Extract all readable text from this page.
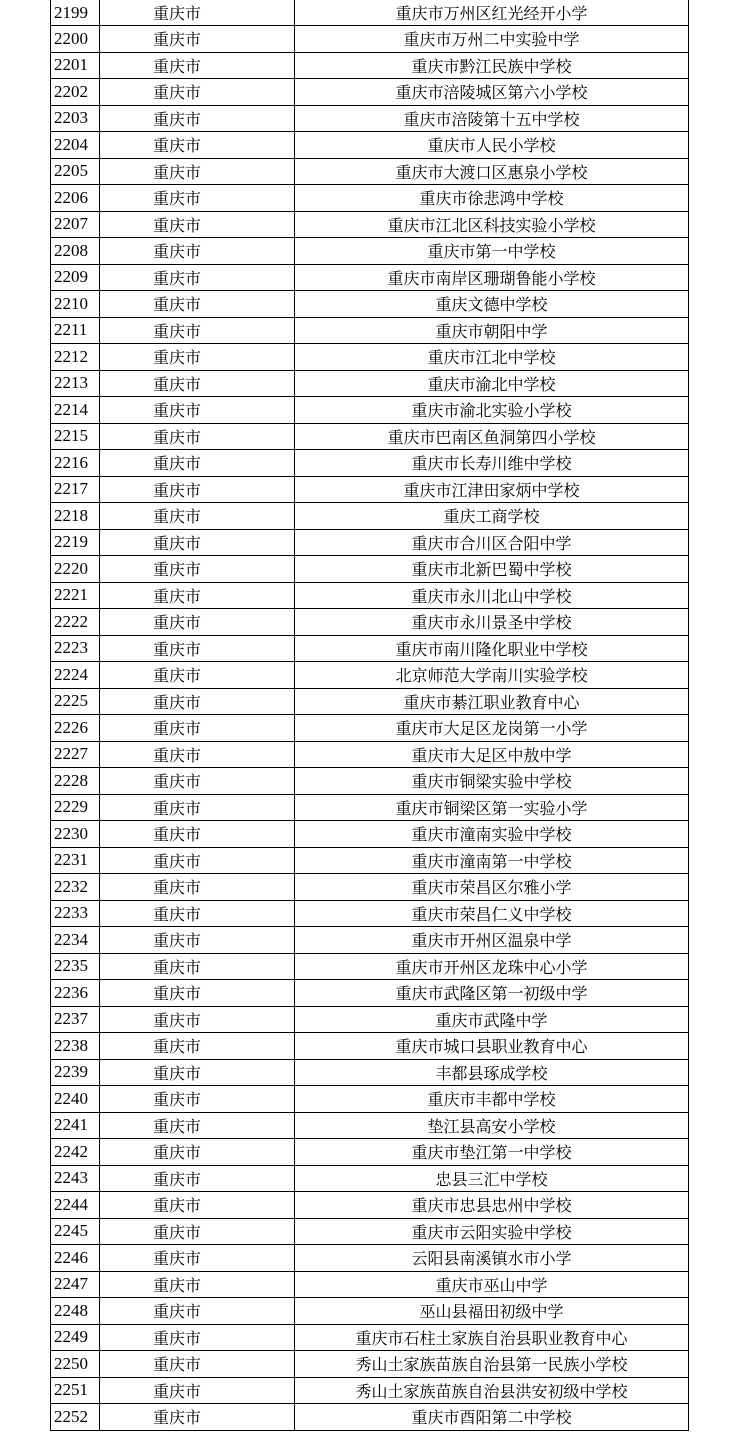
2199	重庆市	重庆市万州区红光经开小学
2200	重庆市	重庆市万州二中实验中学
2201	重庆市	重庆市黔江民族中学校
2202	重庆市	重庆市涪陵城区第六小学校
2203	重庆市	重庆市涪陵第十五中学校
2204	重庆市	重庆市人民小学校
2205	重庆市	重庆市大渡口区惠泉小学校
2206	重庆市	重庆市徐悲鸿中学校
2207	重庆市	重庆市江北区科技实验小学校
2208	重庆市	重庆市第一中学校
2209	重庆市	重庆市南岸区珊瑚鲁能小学校
2210	重庆市	重庆文德中学校
2211	重庆市	重庆市朝阳中学
2212	重庆市	重庆市江北中学校
2213	重庆市	重庆市渝北中学校
2214	重庆市	重庆市渝北实验小学校
2215	重庆市	重庆市巴南区鱼洞第四小学校
2216	重庆市	重庆市长寿川维中学校
2217	重庆市	重庆市江津田家炳中学校
2218	重庆市	重庆工商学校
2219	重庆市	重庆市合川区合阳中学
2220	重庆市	重庆市北新巴蜀中学校
2221	重庆市	重庆市永川北山中学校
2222	重庆市	重庆市永川景圣中学校
2223	重庆市	重庆市南川隆化职业中学校
2224	重庆市	北京师范大学南川实验学校
2225	重庆市	重庆市綦江职业教育中心
2226	重庆市	重庆市大足区龙岗第一小学
2227	重庆市	重庆市大足区中敖中学
2228	重庆市	重庆市铜梁实验中学校
2229	重庆市	重庆市铜梁区第一实验小学
2230	重庆市	重庆市潼南实验中学校
2231	重庆市	重庆市潼南第一中学校
2232	重庆市	重庆市荣昌区尔雅小学
2233	重庆市	重庆市荣昌仁义中学校
2234	重庆市	重庆市开州区温泉中学
2235	重庆市	重庆市开州区龙珠中心小学
2236	重庆市	重庆市武隆区第一初级中学
2237	重庆市	重庆市武隆中学
2238	重庆市	重庆市城口县职业教育中心
2239	重庆市	丰都县琢成学校
2240	重庆市	重庆市丰都中学校
2241	重庆市	垫江县高安小学校
2242	重庆市	重庆市垫江第一中学校
2243	重庆市	忠县三汇中学校
2244	重庆市	重庆市忠县忠州中学校
2245	重庆市	重庆市云阳实验中学校
2246	重庆市	云阳县南溪镇水市小学
2247	重庆市	重庆市巫山中学
2248	重庆市	巫山县福田初级中学
2249	重庆市	重庆市石柱土家族自治县职业教育中心
2250	重庆市	秀山土家族苗族自治县第一民族小学校
2251	重庆市	秀山土家族苗族自治县洪安初级中学校
2252	重庆市	重庆市酉阳第二中学校
